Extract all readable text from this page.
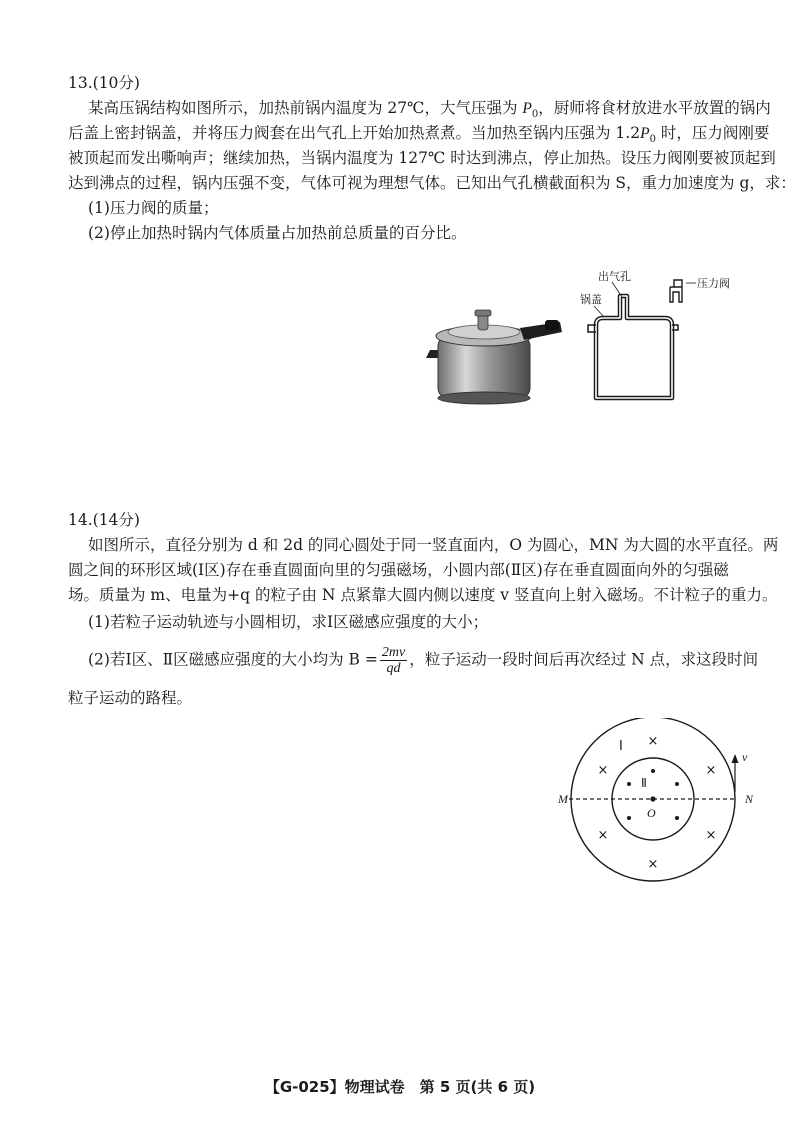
13.(10分)
某高压锅结构如图所示，加热前锅内温度为 27℃，大气压强为 $P_0$，厨师将食材放进水平放置的锅内
后盖上密封锅盖，并将压力阀套在出气孔上开始加热煮煮。当加热至锅内压强为 $1.2P_0$ 时，压力阀刚要
被顶起而发出嘶响声；继续加热，当锅内温度为 127℃ 时达到沸点，停止加热。设压力阀刚要被顶起到
达到沸点的过程，锅内压强不变，气体可视为理想气体。已知出气孔横截面积为 S，重力加速度为 g，求：
(1)压力阀的质量；
(2)停止加热时锅内气体质量占加热前总质量的百分比。
压力阀
出气孔
锅盖
14.(14分)
如图所示，直径分别为 d 和 2d 的同心圆处于同一竖直面内，O 为圆心，MN 为大圆的水平直径。两
圆之间的环形区域(Ⅰ区)存在垂直圆面向里的匀强磁场，小圆内部(Ⅱ区)存在垂直圆面向外的匀强磁
场。质量为 m、电量为+q 的粒子由 N 点紧靠大圆内侧以速度 v 竖直向上射入磁场。不计粒子的重力。
(1)若粒子运动轨迹与小圆相切，求Ⅰ区磁感应强度的大小；
(2)若Ⅰ区、Ⅱ区磁感应强度的大小均为 $B = \frac{2mv}{qd}$ ，粒子运动一段时间后再次经过 N 点，求这段时间
粒子运动的路程。
×
×	×
×	×
×
v
M	N
O
Ⅰ
Ⅱ
【G-025】物理试卷　第 5 页(共 6 页)
